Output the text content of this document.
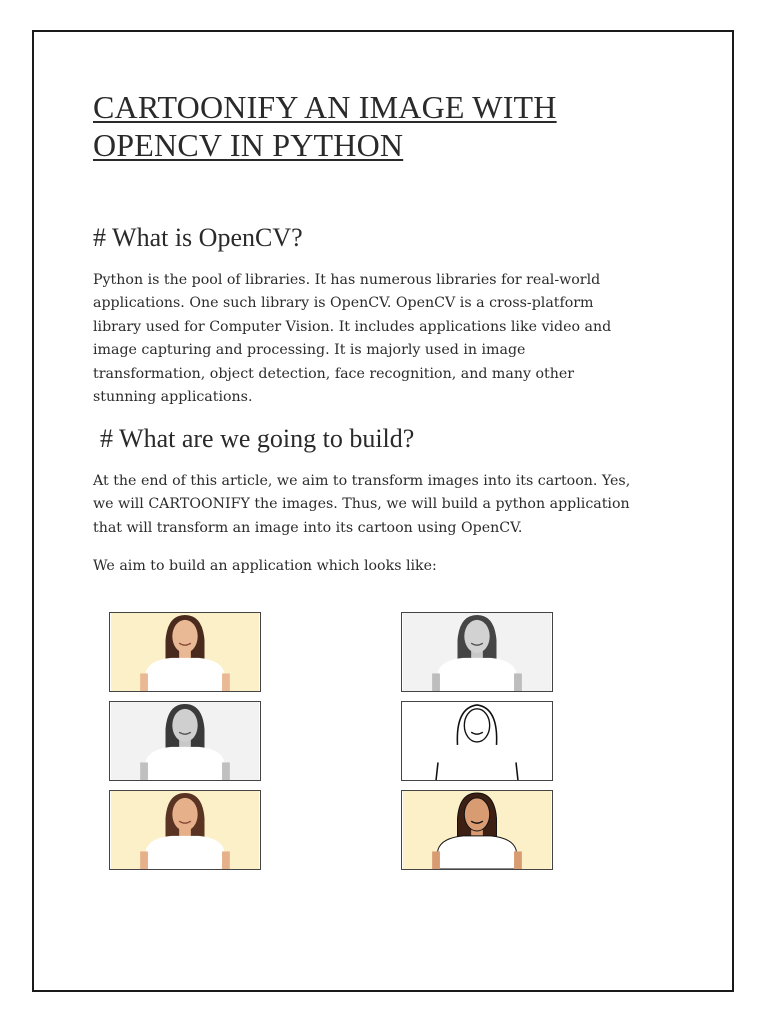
CARTOONIFY AN IMAGE WITH
OPENCV IN PYTHON
# What is OpenCV?

Python is the pool of libraries. It has numerous libraries for real-world
applications. One such library is OpenCV. OpenCV is a cross-platform
library used for Computer Vision. It includes applications like video and
image capturing and processing. It is majorly used in image
transformation, object detection, face recognition, and many other
stunning applications.

# What are we going to build?

At the end of this article, we aim to transform images into its cartoon. Yes,
we will CARTOONIFY the images. Thus, we will build a python application
that will transform an image into its cartoon using OpenCV.

We aim to build an application which looks like:
